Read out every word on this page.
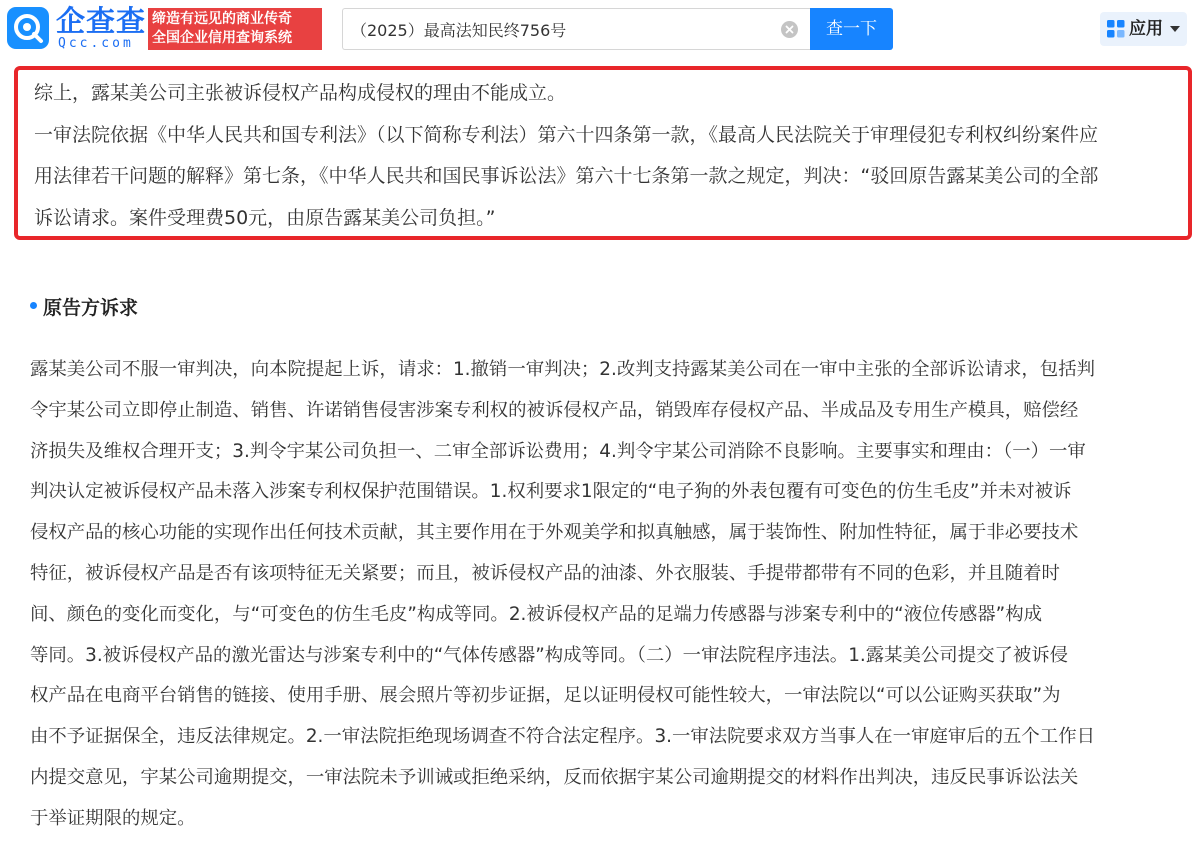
企查查
Qcc.com
缔造有远见的商业传奇
全国企业信用查询系统
（2025）最高法知民终756号	查一下	应用

综上，露某美公司主张被诉侵权产品构成侵权的理由不能成立。

一审法院依据《中华人民共和国专利法》（以下简称专利法）第六十四条第一款，《最高人民法院关于审理侵犯专利权纠纷案件应

用法律若干问题的解释》第七条，《中华人民共和国民事诉讼法》第六十七条第一款之规定，判决：“驳回原告露某美公司的全部

诉讼请求。案件受理费50元，由原告露某美公司负担。”

原告方诉求

露某美公司不服一审判决，向本院提起上诉，请求：1.撤销一审判决；2.改判支持露某美公司在一审中主张的全部诉讼请求，包括判

令宇某公司立即停止制造、销售、许诺销售侵害涉案专利权的被诉侵权产品，销毁库存侵权产品、半成品及专用生产模具，赔偿经

济损失及维权合理开支；3.判令宇某公司负担一、二审全部诉讼费用；4.判令宇某公司消除不良影响。主要事实和理由：（一）一审

判决认定被诉侵权产品未落入涉案专利权保护范围错误。1.权利要求1限定的“电子狗的外表包覆有可变色的仿生毛皮”并未对被诉

侵权产品的核心功能的实现作出任何技术贡献，其主要作用在于外观美学和拟真触感，属于装饰性、附加性特征，属于非必要技术

特征，被诉侵权产品是否有该项特征无关紧要；而且，被诉侵权产品的油漆、外衣服装、手提带都带有不同的色彩，并且随着时

间、颜色的变化而变化，与“可变色的仿生毛皮”构成等同。2.被诉侵权产品的足端力传感器与涉案专利中的“液位传感器”构成

等同。3.被诉侵权产品的激光雷达与涉案专利中的“气体传感器”构成等同。（二）一审法院程序违法。1.露某美公司提交了被诉侵

权产品在电商平台销售的链接、使用手册、展会照片等初步证据，足以证明侵权可能性较大，一审法院以“可以公证购买获取”为

由不予证据保全，违反法律规定。2.一审法院拒绝现场调查不符合法定程序。3.一审法院要求双方当事人在一审庭审后的五个工作日

内提交意见，宇某公司逾期提交，一审法院未予训诫或拒绝采纳，反而依据宇某公司逾期提交的材料作出判决，违反民事诉讼法关

于举证期限的规定。
